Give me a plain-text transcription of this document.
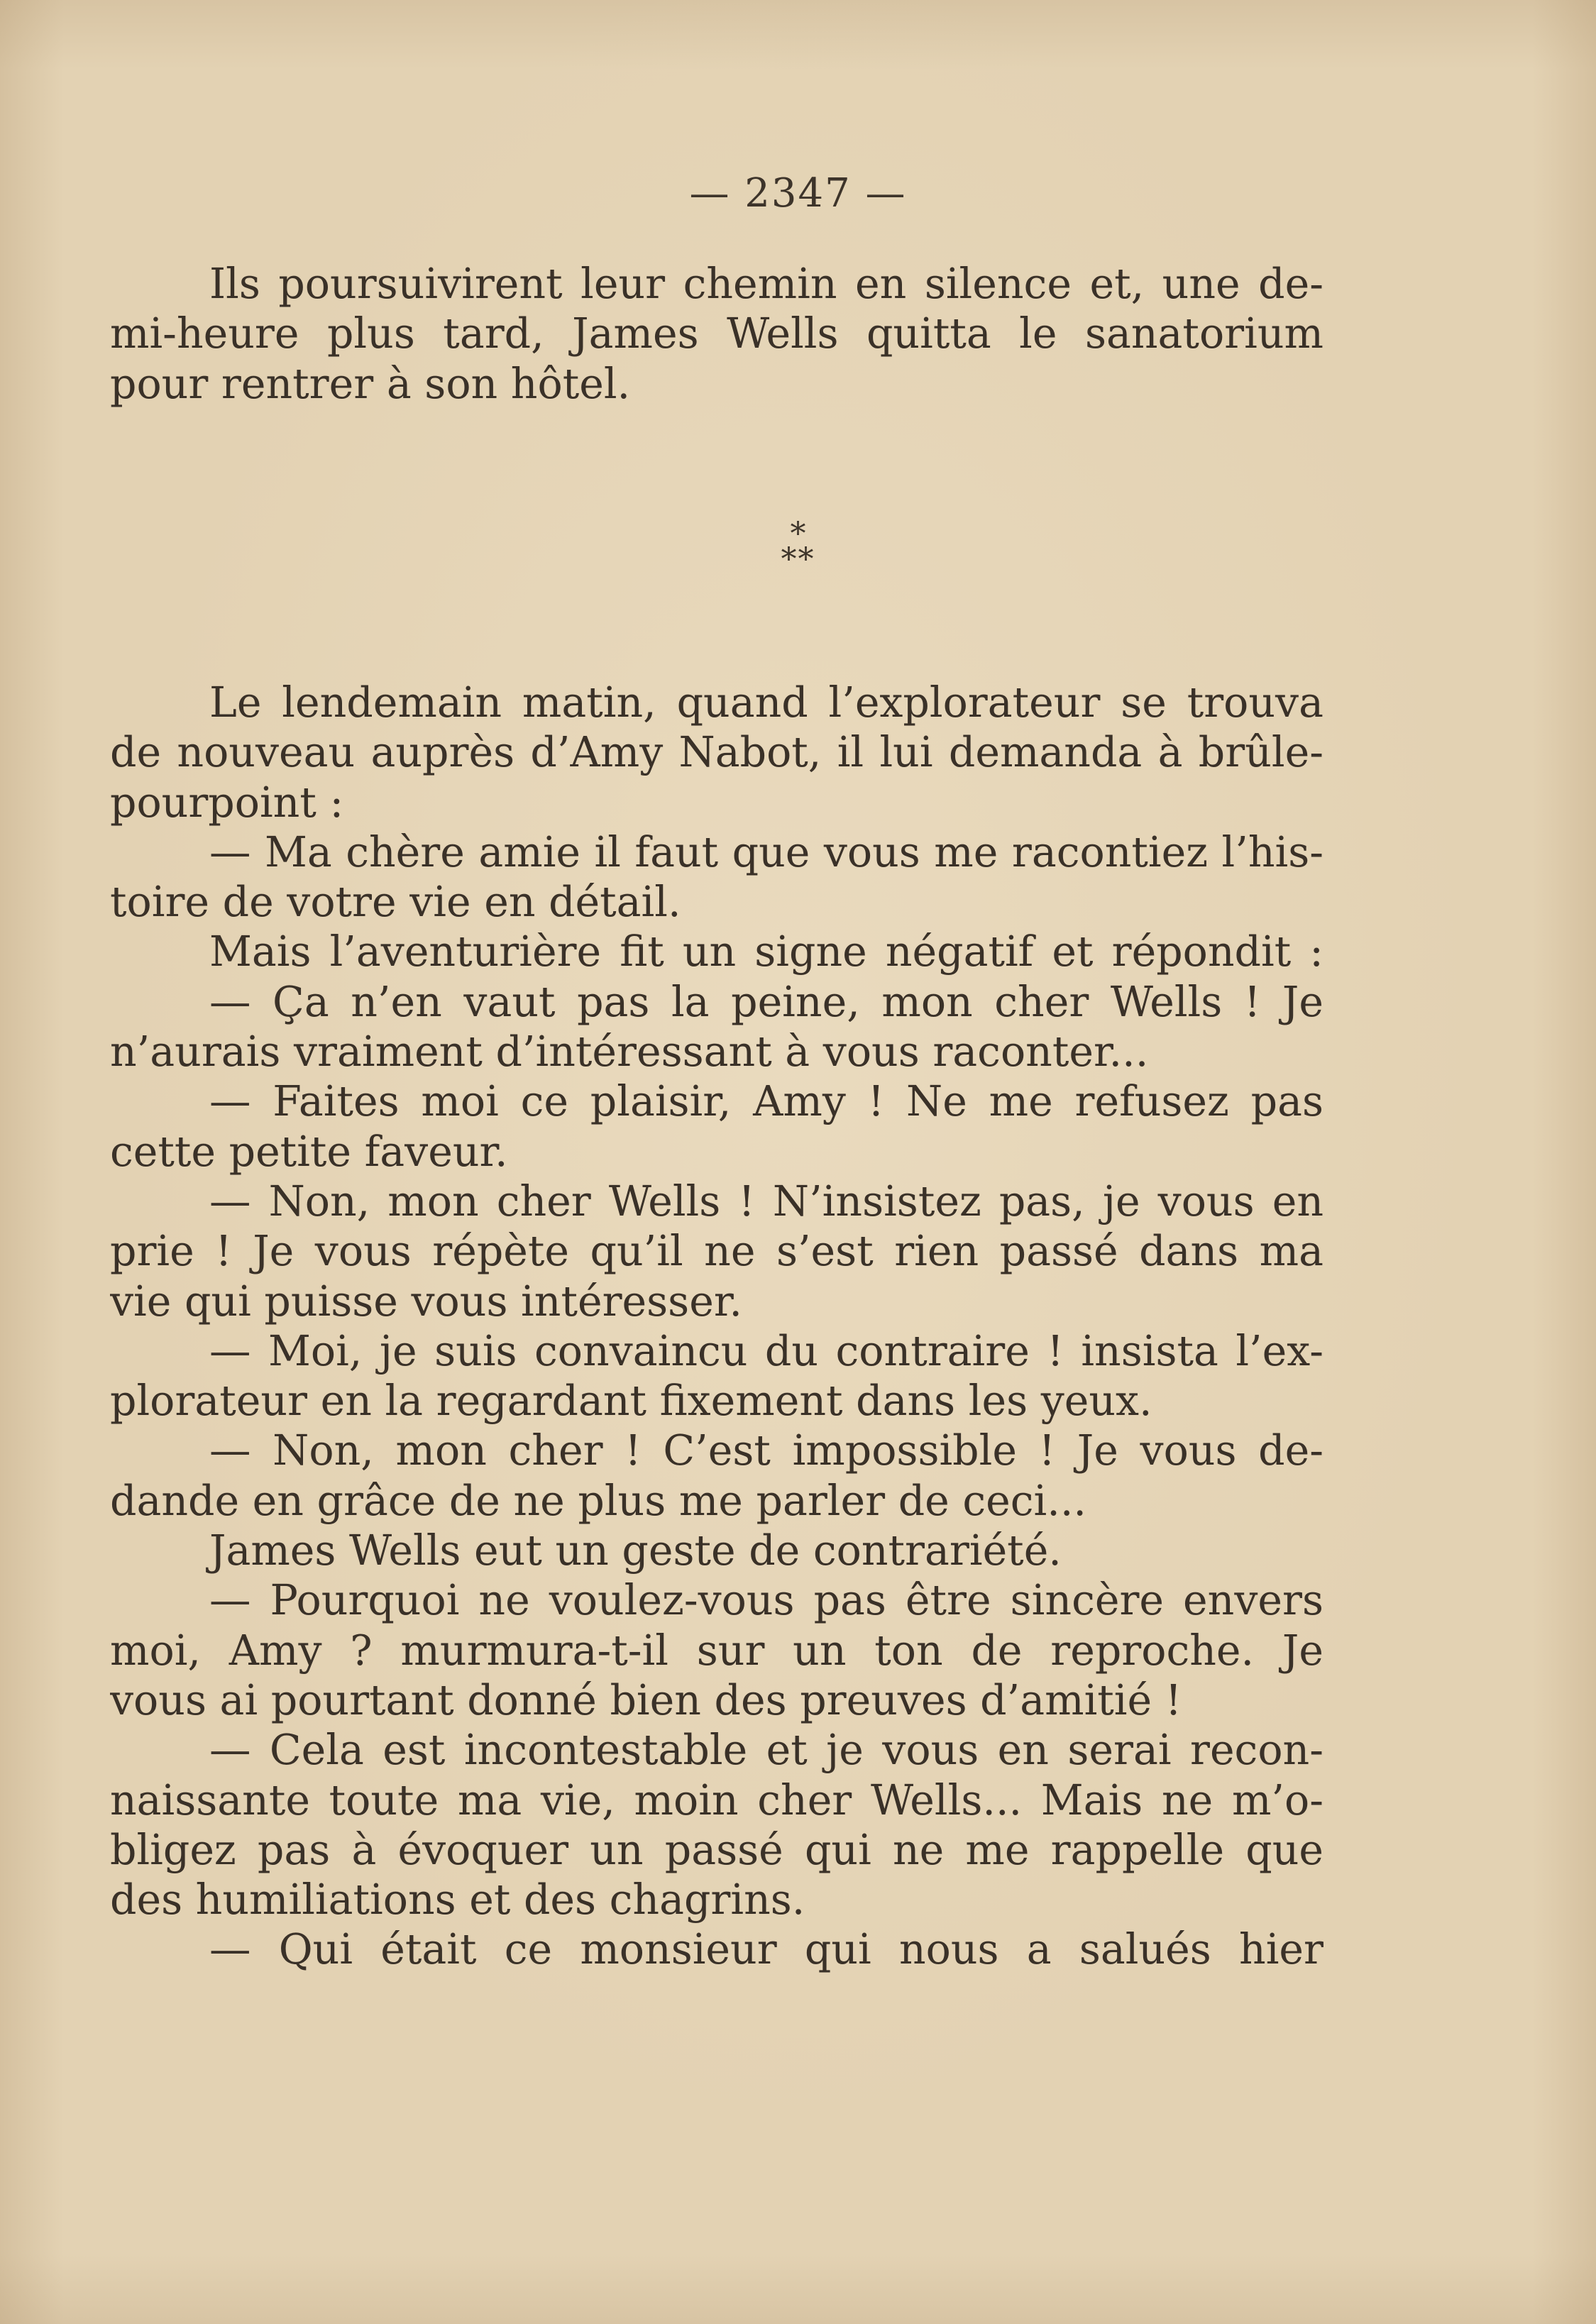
— 2347 —
Ils poursuivirent leur chemin en silence et, une de-
mi-heure plus tard, James Wells quitta le sanatorium
pour rentrer à son hôtel.
*
**
Le lendemain matin, quand l’explorateur se trouva
de nouveau auprès d’Amy Nabot, il lui demanda à brûle-
pourpoint :
— Ma chère amie il faut que vous me racontiez l’his-
toire de votre vie en détail.
Mais l’aventurière fit un signe négatif et répondit :
— Ça n’en vaut pas la peine, mon cher Wells ! Je
n’aurais vraiment d’intéressant à vous raconter...
— Faites moi ce plaisir, Amy ! Ne me refusez pas
cette petite faveur.
— Non, mon cher Wells ! N’insistez pas, je vous en
prie ! Je vous répète qu’il ne s’est rien passé dans ma
vie qui puisse vous intéresser.
— Moi, je suis convaincu du contraire ! insista l’ex-
plorateur en la regardant fixement dans les yeux.
— Non, mon cher ! C’est impossible ! Je vous de-
dande en grâce de ne plus me parler de ceci...
James Wells eut un geste de contrariété.
— Pourquoi ne voulez-vous pas être sincère envers
moi, Amy ? murmura-t-il sur un ton de reproche. Je
vous ai pourtant donné bien des preuves d’amitié !
— Cela est incontestable et je vous en serai recon-
naissante toute ma vie, moin cher Wells... Mais ne m’o-
bligez pas à évoquer un passé qui ne me rappelle que
des humiliations et des chagrins.
— Qui était ce monsieur qui nous a salués hier
